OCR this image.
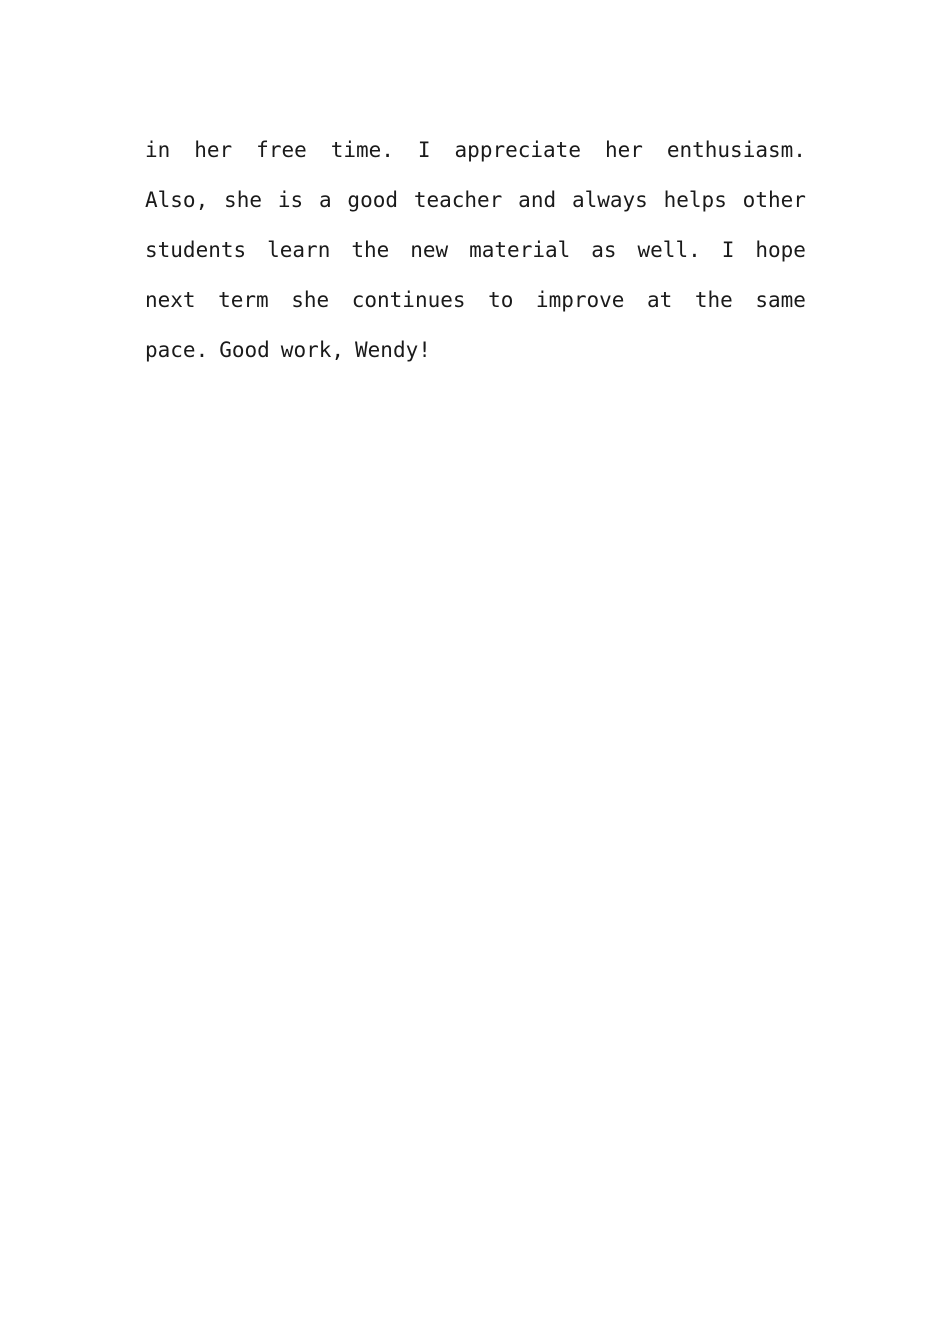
in her free time. I appreciate her enthusiasm.
Also, she is a good teacher and always helps other
students learn the new material as well. I hope
next term she continues to improve at the same
pace. Good work, Wendy!
